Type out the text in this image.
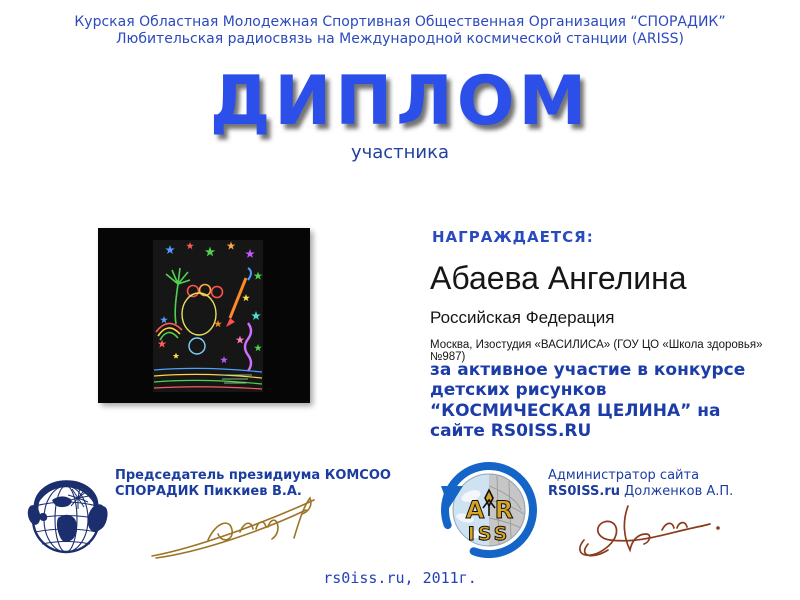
Курская Областная Молодежная Спортивная Общественная Организация “СПОРАДИК”
Любительская радиосвязь на Международной космической станции (ARISS)
ДИПЛОМ
участника
НАГРАЖДАЕТСЯ:
Абаева Ангелина
Российская Федерация
Москва, Изостудия «ВАСИЛИСА» (ГОУ ЦО «Школа здоровья» №987)
за активное участие в конкурсе детских рисунков “КОСМИЧЕСКАЯ ЦЕЛИНА” на сайте RS0ISS.RU
Председатель президиума КОМСОО
СПОРАДИК Пиккиев В.А.
A R
ISS
Администратор сайта
RS0ISS.ru Долженков А.П.
rs0iss.ru, 2011г.
